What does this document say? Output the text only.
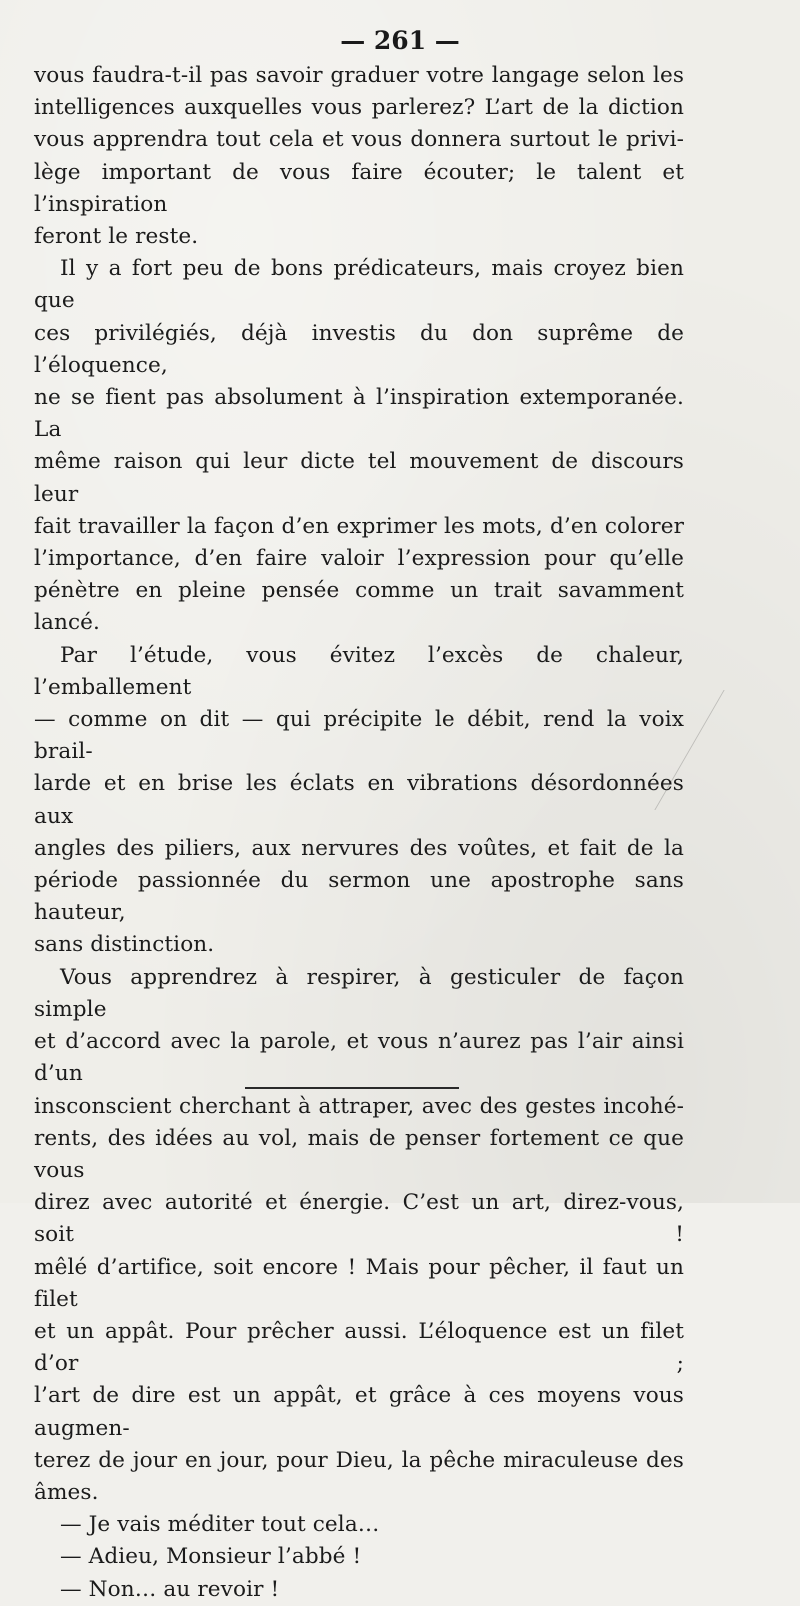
— 261 —

vous faudra-t-il pas savoir graduer votre langage selon les

intelligences auxquelles vous parlerez? L’art de la diction

vous apprendra tout cela et vous donnera surtout le privi-

lège important de vous faire écouter; le talent et l’inspiration

feront le reste.

Il y a fort peu de bons prédicateurs, mais croyez bien que

ces privilégiés, déjà investis du don suprême de l’éloquence,

ne se fient pas absolument à l’inspiration extemporanée. La

même raison qui leur dicte tel mouvement de discours leur

fait travailler la façon d’en exprimer les mots, d’en colorer

l’importance, d’en faire valoir l’expression pour qu’elle

pénètre en pleine pensée comme un trait savamment lancé.

Par l’étude, vous évitez l’excès de chaleur, l’emballement

— comme on dit — qui précipite le débit, rend la voix brail-

larde et en brise les éclats en vibrations désordonnées aux

angles des piliers, aux nervures des voûtes, et fait de la

période passionnée du sermon une apostrophe sans hauteur,

sans distinction.

Vous apprendrez à respirer, à gesticuler de façon simple

et d’accord avec la parole, et vous n’aurez pas l’air ainsi d’un

insconscient cherchant à attraper, avec des gestes incohé-

rents, des idées au vol, mais de penser fortement ce que vous

direz avec autorité et énergie. C’est un art, direz-vous, soit !

mêlé d’artifice, soit encore ! Mais pour pêcher, il faut un filet

et un appât. Pour prêcher aussi. L’éloquence est un filet d’or ;

l’art de dire est un appât, et grâce à ces moyens vous augmen-

terez de jour en jour, pour Dieu, la pêche miraculeuse des

âmes.

— Je vais méditer tout cela…

— Adieu, Monsieur l’abbé !

— Non… au revoir !
